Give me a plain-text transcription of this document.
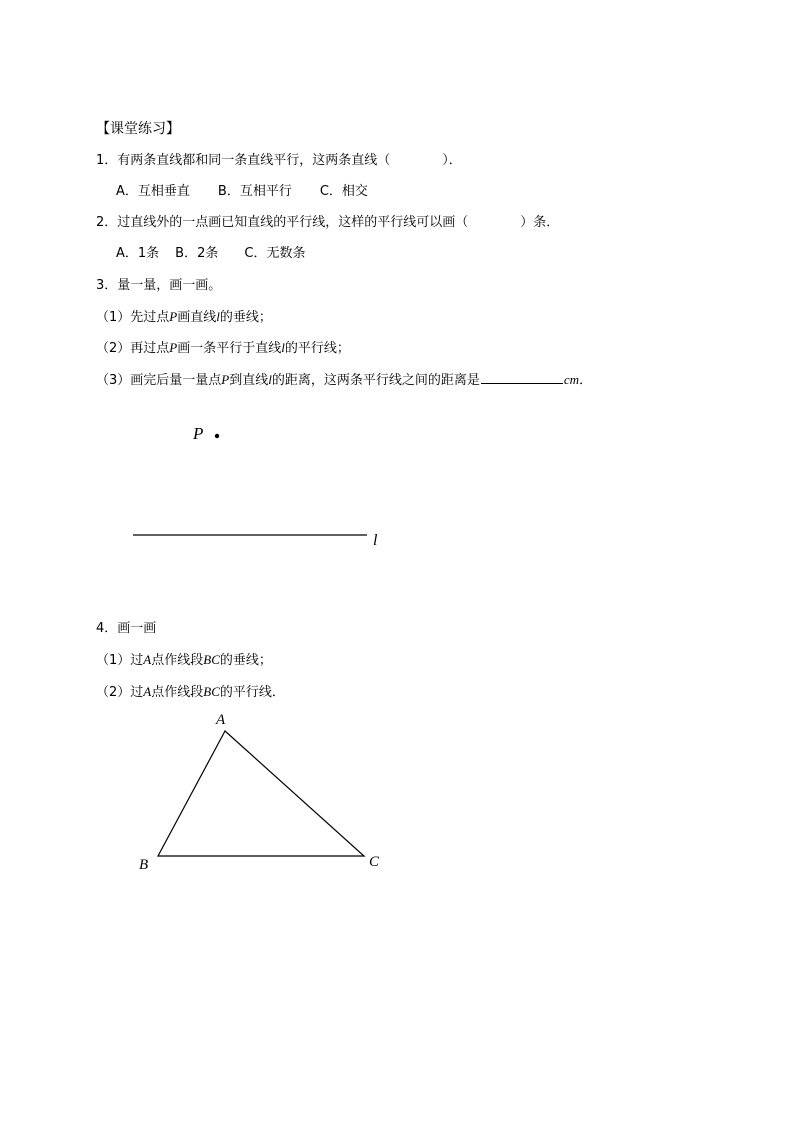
【课堂练习】
1．有两条直线都和同一条直线平行，这两条直线（	）．
A．互相垂直 B．互相平行 C．相交
2．过直线外的一点画已知直线的平行线，这样的平行线可以画（	）条．
A．1条 B．2条 C．无数条
3．量一量，画一画。
（1）先过点P画直线l的垂线；
（2）再过点P画一条平行于直线l的平行线；
（3）画完后量一量点P到直线l的距离，这两条平行线之间的距离是	cm．
P
l
4．画一画
（1）过A点作线段BC的垂线；
（2）过A点作线段BC的平行线．
A
B	C
